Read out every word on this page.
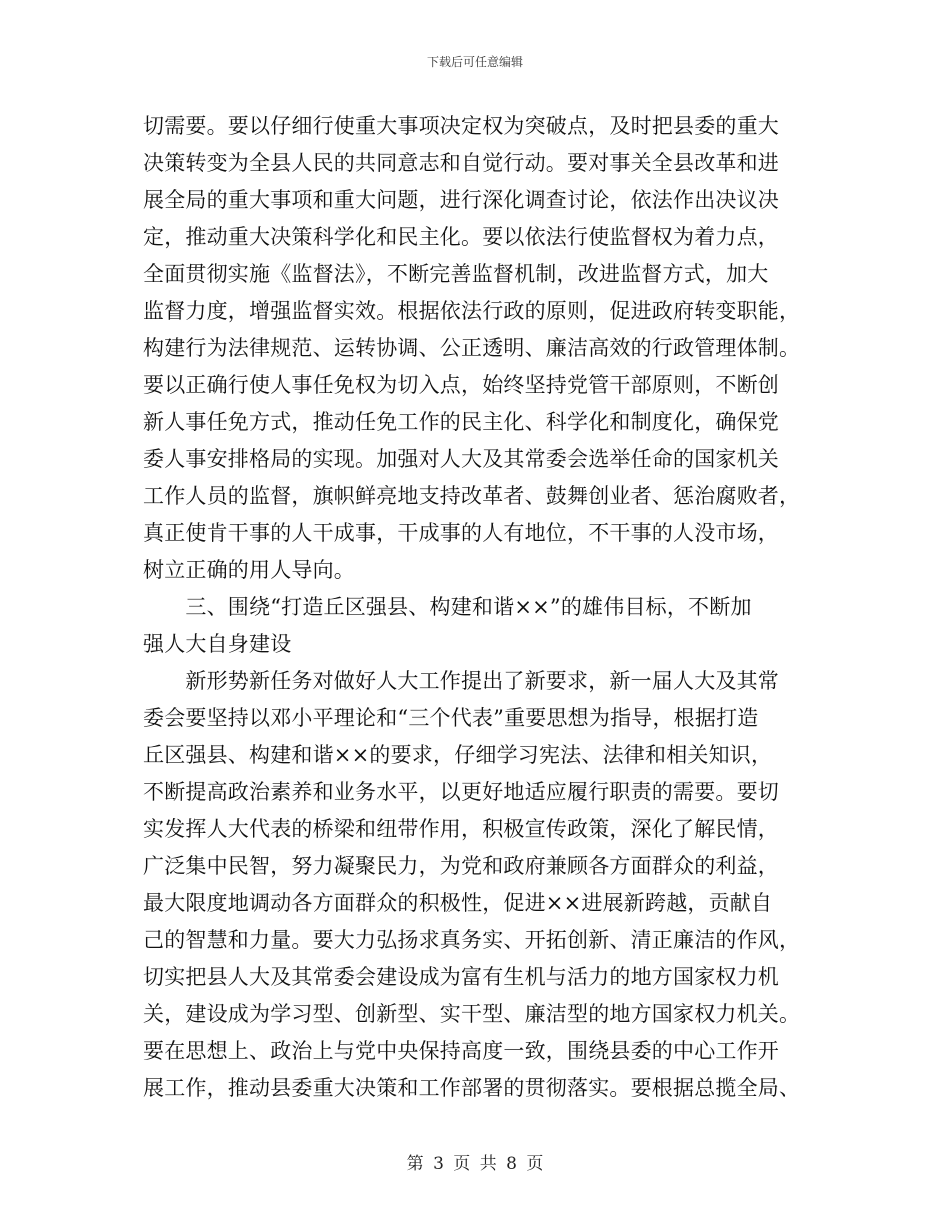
下载后可任意编辑
切需要。要以仔细行使重大事项决定权为突破点，及时把县委的重大
决策转变为全县人民的共同意志和自觉行动。要对事关全县改革和进
展全局的重大事项和重大问题，进行深化调查讨论，依法作出决议决
定，推动重大决策科学化和民主化。要以依法行使监督权为着力点，
全面贯彻实施《监督法》，不断完善监督机制，改进监督方式，加大
监督力度，增强监督实效。根据依法行政的原则，促进政府转变职能，
构建行为法律规范、运转协调、公正透明、廉洁高效的行政管理体制。
要以正确行使人事任免权为切入点，始终坚持党管干部原则，不断创
新人事任免方式，推动任免工作的民主化、科学化和制度化，确保党
委人事安排格局的实现。加强对人大及其常委会选举任命的国家机关
工作人员的监督，旗帜鲜亮地支持改革者、鼓舞创业者、惩治腐败者，
真正使肯干事的人干成事，干成事的人有地位，不干事的人没市场，
树立正确的用人导向。
　　三、围绕“打造丘区强县、构建和谐××”的雄伟目标，不断加
强人大自身建设
　　新形势新任务对做好人大工作提出了新要求，新一届人大及其常
委会要坚持以邓小平理论和“三个代表”重要思想为指导，根据打造
丘区强县、构建和谐××的要求，仔细学习宪法、法律和相关知识，
不断提高政治素养和业务水平，以更好地适应履行职责的需要。要切
实发挥人大代表的桥梁和纽带作用，积极宣传政策，深化了解民情，
广泛集中民智，努力凝聚民力，为党和政府兼顾各方面群众的利益，
最大限度地调动各方面群众的积极性，促进××进展新跨越，贡献自
己的智慧和力量。要大力弘扬求真务实、开拓创新、清正廉洁的作风，
切实把县人大及其常委会建设成为富有生机与活力的地方国家权力机
关，建设成为学习型、创新型、实干型、廉洁型的地方国家权力机关。
要在思想上、政治上与党中央保持高度一致，围绕县委的中心工作开
展工作，推动县委重大决策和工作部署的贯彻落实。要根据总揽全局、
第 3 页 共 8 页
